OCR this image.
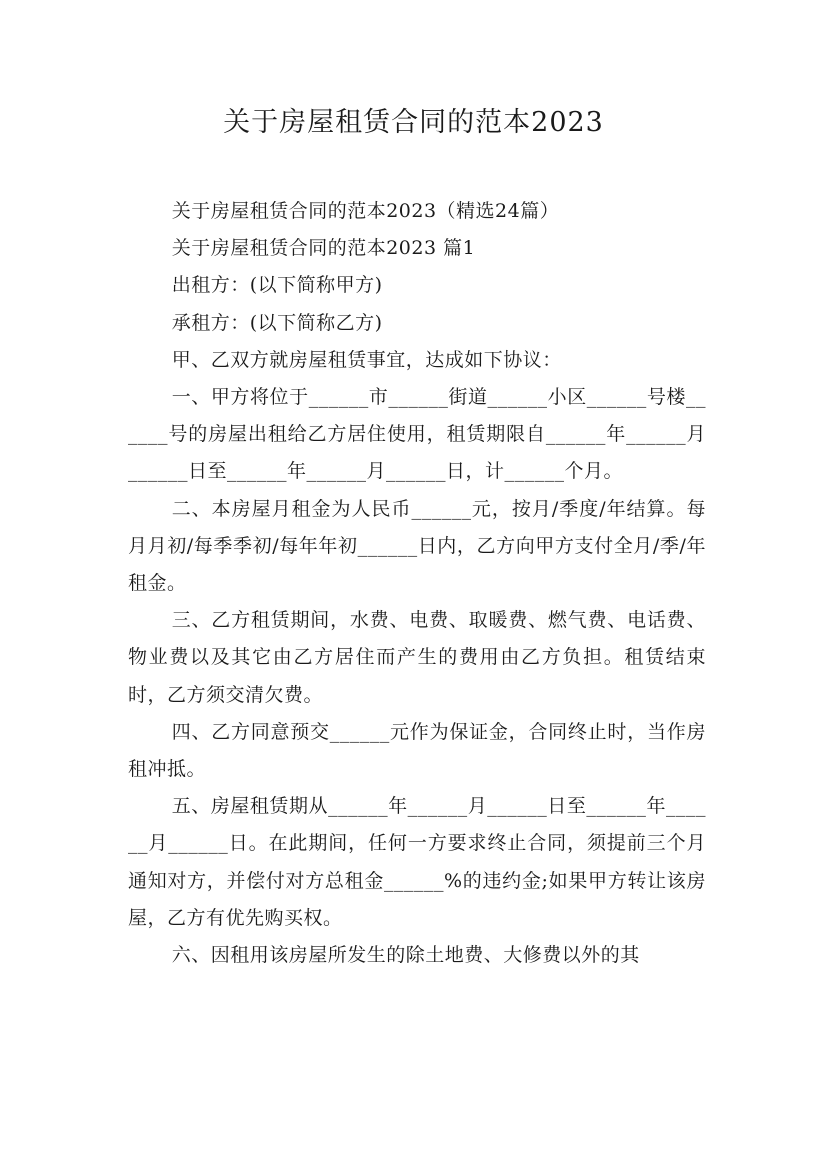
关于房屋租赁合同的范本2023

关于房屋租赁合同的范本2023（精选24篇）

关于房屋租赁合同的范本2023 篇1

出租方：(以下简称甲方)

承租方：(以下简称乙方)

甲、乙双方就房屋租赁事宜，达成如下协议：

一、甲方将位于______市______街道______小区______号楼______号的房屋出租给乙方居住使用，租赁期限自______年______月______日至______年______月______日，计______个月。

二、本房屋月租金为人民币______元，按月/季度/年结算。每月月初/每季季初/每年年初______日内，乙方向甲方支付全月/季/年租金。

三、乙方租赁期间，水费、电费、取暖费、燃气费、电话费、物业费以及其它由乙方居住而产生的费用由乙方负担。租赁结束时，乙方须交清欠费。

四、乙方同意预交______元作为保证金，合同终止时，当作房租冲抵。

五、房屋租赁期从______年______月______日至______年______月______日。在此期间，任何一方要求终止合同，须提前三个月通知对方，并偿付对方总租金______%的违约金;如果甲方转让该房屋，乙方有优先购买权。

六、因租用该房屋所发生的除土地费、大修费以外的其
